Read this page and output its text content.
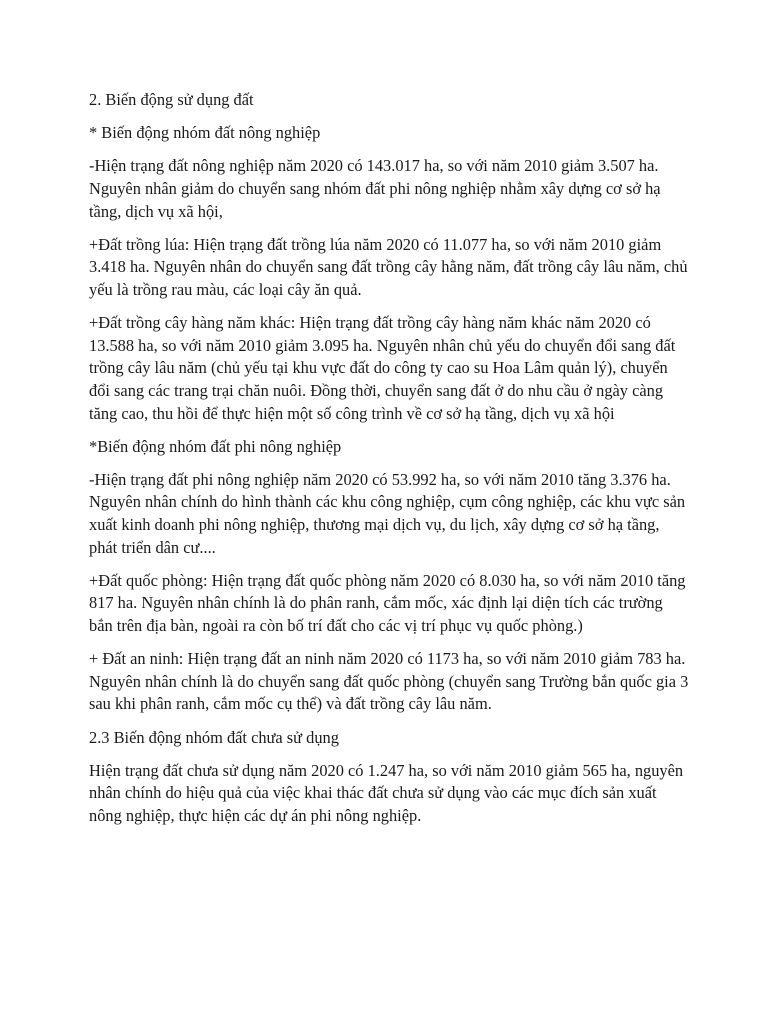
2. Biến động sử dụng đất

* Biến động nhóm đất nông nghiệp

-Hiện trạng đất nông nghiệp năm 2020 có 143.017 ha, so với năm 2010 giảm 3.507 ha. Nguyên nhân giảm do chuyển sang nhóm đất phi nông nghiệp nhằm xây dựng cơ sở hạ tầng, dịch vụ xã hội,

+Đất trồng lúa: Hiện trạng đất trồng lúa năm 2020 có 11.077 ha, so với năm 2010 giảm 3.418 ha. Nguyên nhân do chuyển sang đất trồng cây hằng năm, đất trồng cây lâu năm, chủ yếu là trồng rau màu, các loại cây ăn quả.

+Đất trồng cây hàng năm khác: Hiện trạng đất trồng cây hàng năm khác năm 2020 có 13.588 ha, so với năm 2010 giảm 3.095 ha. Nguyên nhân chủ yếu do chuyển đổi sang đất trồng cây lâu năm (chủ yếu tại khu vực đất do công ty cao su Hoa Lâm quản lý), chuyển đổi sang các trang trại chăn nuôi. Đồng thời, chuyển sang đất ở do nhu cầu ở ngày càng tăng cao, thu hồi để thực hiện một số công trình về cơ sở hạ tầng, dịch vụ xã hội

*Biến động nhóm đất phi nông nghiệp

-Hiện trạng đất phi nông nghiệp năm 2020 có 53.992 ha, so với năm 2010 tăng 3.376 ha. Nguyên nhân chính do hình thành các khu công nghiệp, cụm công nghiệp, các khu vực sản xuất kinh doanh phi nông nghiệp, thương mại dịch vụ, du lịch, xây dựng cơ sở hạ tầng, phát triển dân cư....

+Đất quốc phòng: Hiện trạng đất quốc phòng năm 2020 có 8.030 ha, so với năm 2010 tăng 817 ha. Nguyên nhân chính là do phân ranh, cắm mốc, xác định lại diện tích các trường bắn trên địa bàn, ngoài ra còn bố trí đất cho các vị trí phục vụ quốc phòng.)

+ Đất an ninh: Hiện trạng đất an ninh năm 2020 có 1173 ha, so với năm 2010 giảm 783 ha. Nguyên nhân chính là do chuyển sang đất quốc phòng (chuyển sang Trường bắn quốc gia 3 sau khi phân ranh, cắm mốc cụ thể) và đất trồng cây lâu năm.

2.3 Biến động nhóm đất chưa sử dụng

Hiện trạng đất chưa sử dụng năm 2020 có 1.247 ha, so với năm 2010 giảm 565 ha, nguyên nhân chính do hiệu quả của việc khai thác đất chưa sử dụng vào các mục đích sản xuất nông nghiệp, thực hiện các dự án phi nông nghiệp.
